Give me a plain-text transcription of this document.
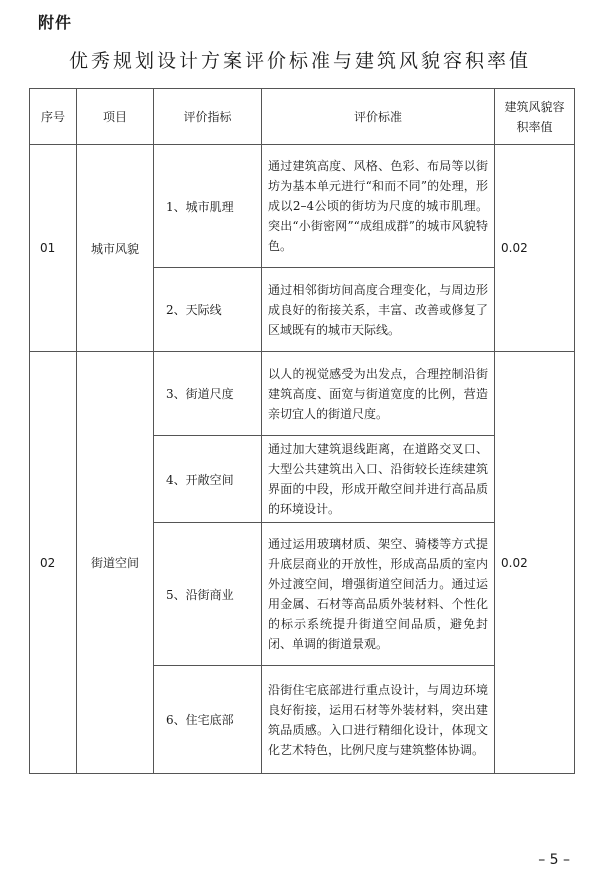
附件
优秀规划设计方案评价标准与建筑风貌容积率值
序号	项目	评价指标	评价标准	建筑风貌容积率值
01	城市风貌	1、城市肌理	通过建筑高度、风格、色彩、布局等以街坊为基本单元进行“和而不同”的处理，形成以2–4公顷的街坊为尺度的城市肌理。突出“小街密网”“成组成群”的城市风貌特色。	0.02
		2、天际线	通过相邻街坊间高度合理变化，与周边形成良好的衔接关系，丰富、改善或修复了区域既有的城市天际线。	
02	街道空间	3、街道尺度	以人的视觉感受为出发点，合理控制沿街建筑高度、面宽与街道宽度的比例，营造亲切宜人的街道尺度。	0.02
		4、开敞空间	通过加大建筑退线距离，在道路交叉口、大型公共建筑出入口、沿街较长连续建筑界面的中段，形成开敞空间并进行高品质的环境设计。	
		5、沿街商业	通过运用玻璃材质、架空、骑楼等方式提升底层商业的开放性，形成高品质的室内外过渡空间，增强街道空间活力。通过运用金属、石材等高品质外装材料、个性化的标示系统提升街道空间品质，避免封闭、单调的街道景观。	
		6、住宅底部	沿街住宅底部进行重点设计，与周边环境良好衔接，运用石材等外装材料，突出建筑品质感。入口进行精细化设计，体现文化艺术特色，比例尺度与建筑整体协调。	
– 5 –
